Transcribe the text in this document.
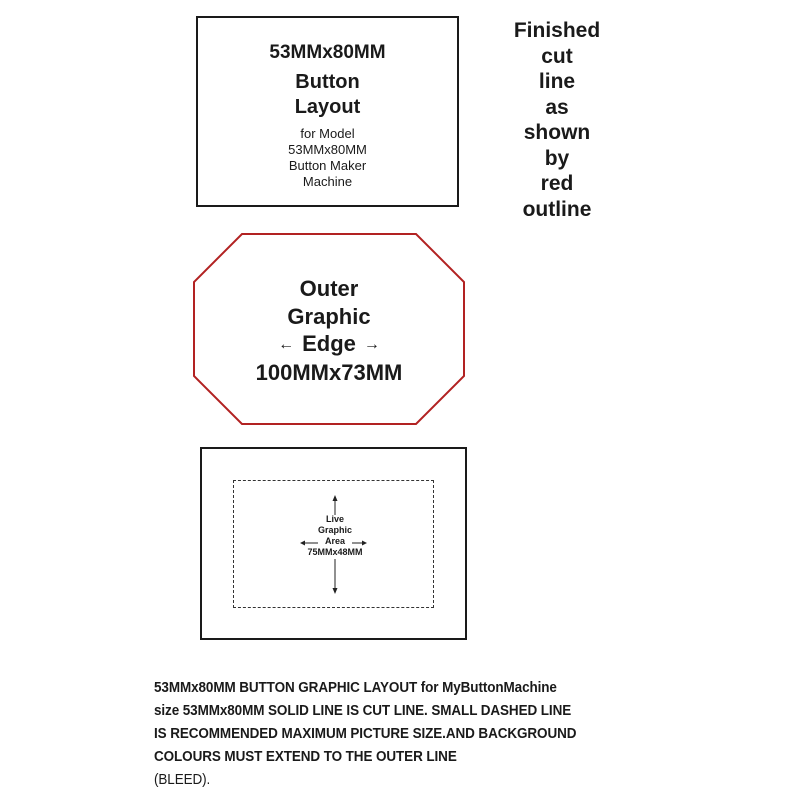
53MMx80MM
Button
Layout
for Model
53MMx80MM
Button Maker
Machine
Finished
cut
line
as
shown
by
red
outline
Outer
Graphic
← Edge →
100MMx73MM
Live
Graphic
Area
75MMx48MM
53MMx80MM BUTTON GRAPHIC LAYOUT for MyButtonMachine
size 53MMx80MM SOLID LINE IS CUT LINE. SMALL DASHED LINE
IS RECOMMENDED MAXIMUM PICTURE SIZE.AND BACKGROUND
COLOURS MUST EXTEND TO THE OUTER LINE
(BLEED).
